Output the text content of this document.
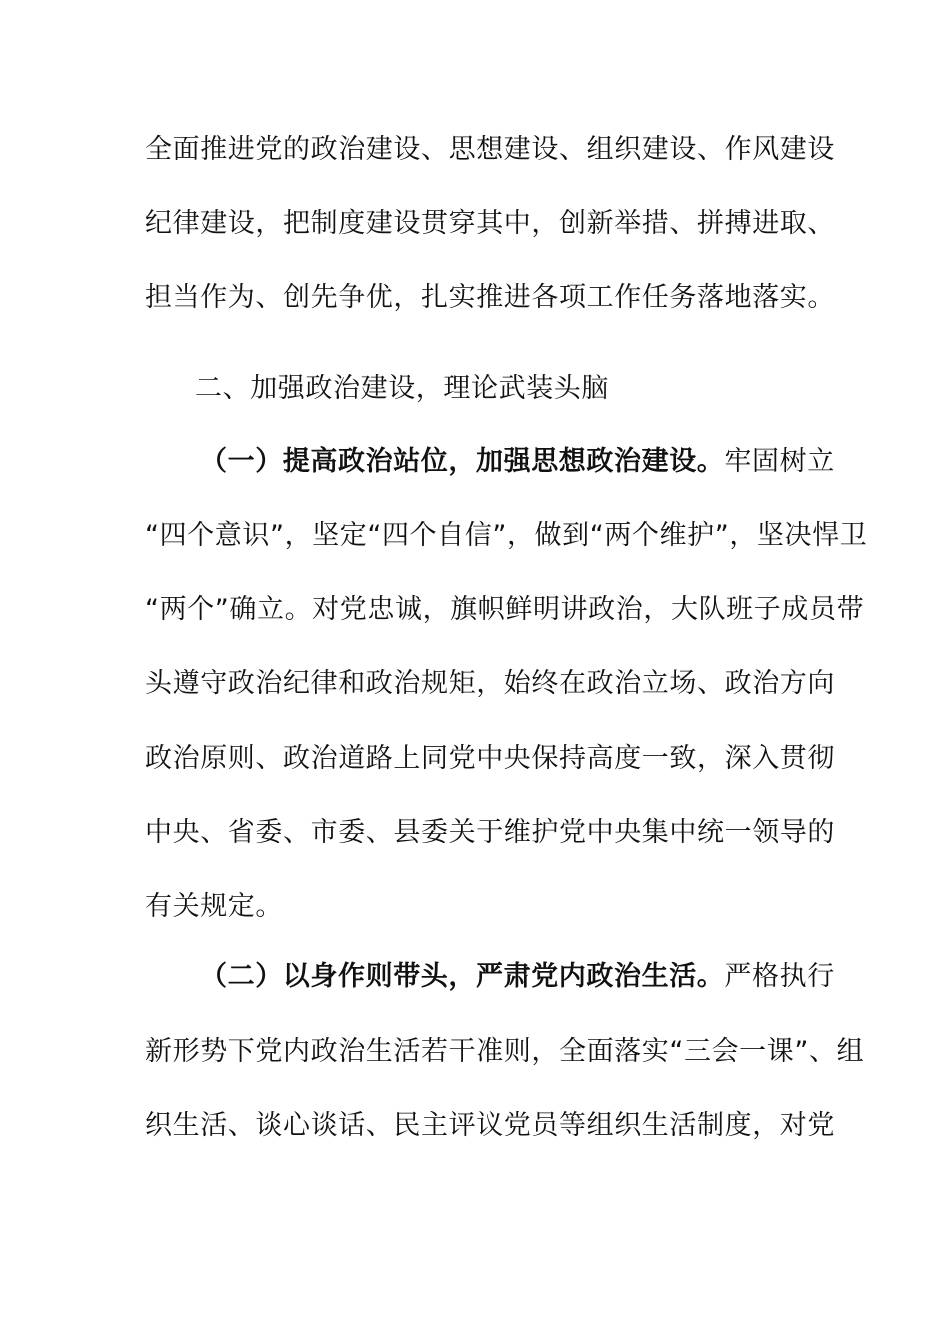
全面推进党的政治建设、思想建设、组织建设、作风建设
纪律建设，把制度建设贯穿其中，创新举措、拼搏进取、
担当作为、创先争优，扎实推进各项工作任务落地落实。
二、加强政治建设，理论武装头脑
（一）提高政治站位，加强思想政治建设。牢固树立
“四个意识”，坚定“四个自信”，做到“两个维护”，坚决悍卫
“两个”确立。对党忠诚，旗帜鲜明讲政治，大队班子成员带
头遵守政治纪律和政治规矩，始终在政治立场、政治方向
政治原则、政治道路上同党中央保持高度一致，深入贯彻
中央、省委、市委、县委关于维护党中央集中统一领导的
有关规定。
（二）以身作则带头，严肃党内政治生活。严格执行
新形势下党内政治生活若干准则，全面落实“三会一课”、组
织生活、谈心谈话、民主评议党员等组织生活制度，对党
